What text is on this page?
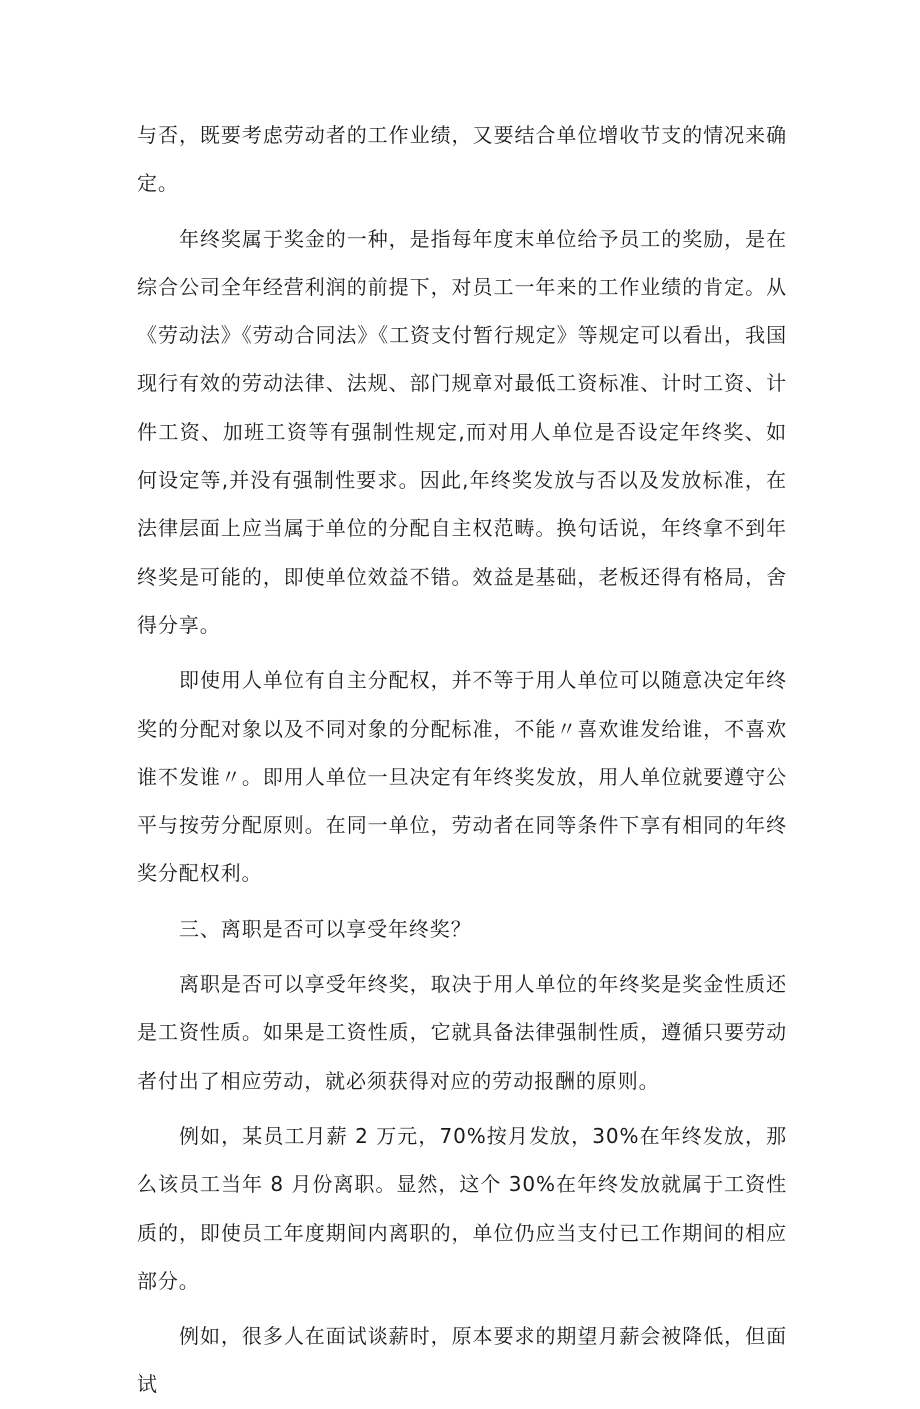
与否，既要考虑劳动者的工作业绩，又要结合单位增收节支的情况来确定。

年终奖属于奖金的一种，是指每年度末单位给予员工的奖励，是在综合公司全年经营利润的前提下，对员工一年来的工作业绩的肯定。从《劳动法》《劳动合同法》《工资支付暂行规定》等规定可以看出，我国现行有效的劳动法律、法规、部门规章对最低工资标准、计时工资、计件工资、加班工资等有强制性规定,而对用人单位是否设定年终奖、如何设定等,并没有强制性要求。因此,年终奖发放与否以及发放标准，在法律层面上应当属于单位的分配自主权范畴。换句话说，年终拿不到年终奖是可能的，即使单位效益不错。效益是基础，老板还得有格局，舍得分享。

即使用人单位有自主分配权，并不等于用人单位可以随意决定年终奖的分配对象以及不同对象的分配标准，不能〃喜欢谁发给谁，不喜欢谁不发谁〃。即用人单位一旦决定有年终奖发放，用人单位就要遵守公平与按劳分配原则。在同一单位，劳动者在同等条件下享有相同的年终奖分配权利。

三、离职是否可以享受年终奖？

离职是否可以享受年终奖，取决于用人单位的年终奖是奖金性质还是工资性质。如果是工资性质，它就具备法律强制性质，遵循只要劳动者付出了相应劳动，就必须获得对应的劳动报酬的原则。

例如，某员工月薪 2 万元，70%按月发放，30%在年终发放，那么该员工当年 8 月份离职。显然，这个 30%在年终发放就属于工资性质的，即使员工年度期间内离职的，单位仍应当支付已工作期间的相应部分。

例如，很多人在面试谈薪时，原本要求的期望月薪会被降低，但面试
